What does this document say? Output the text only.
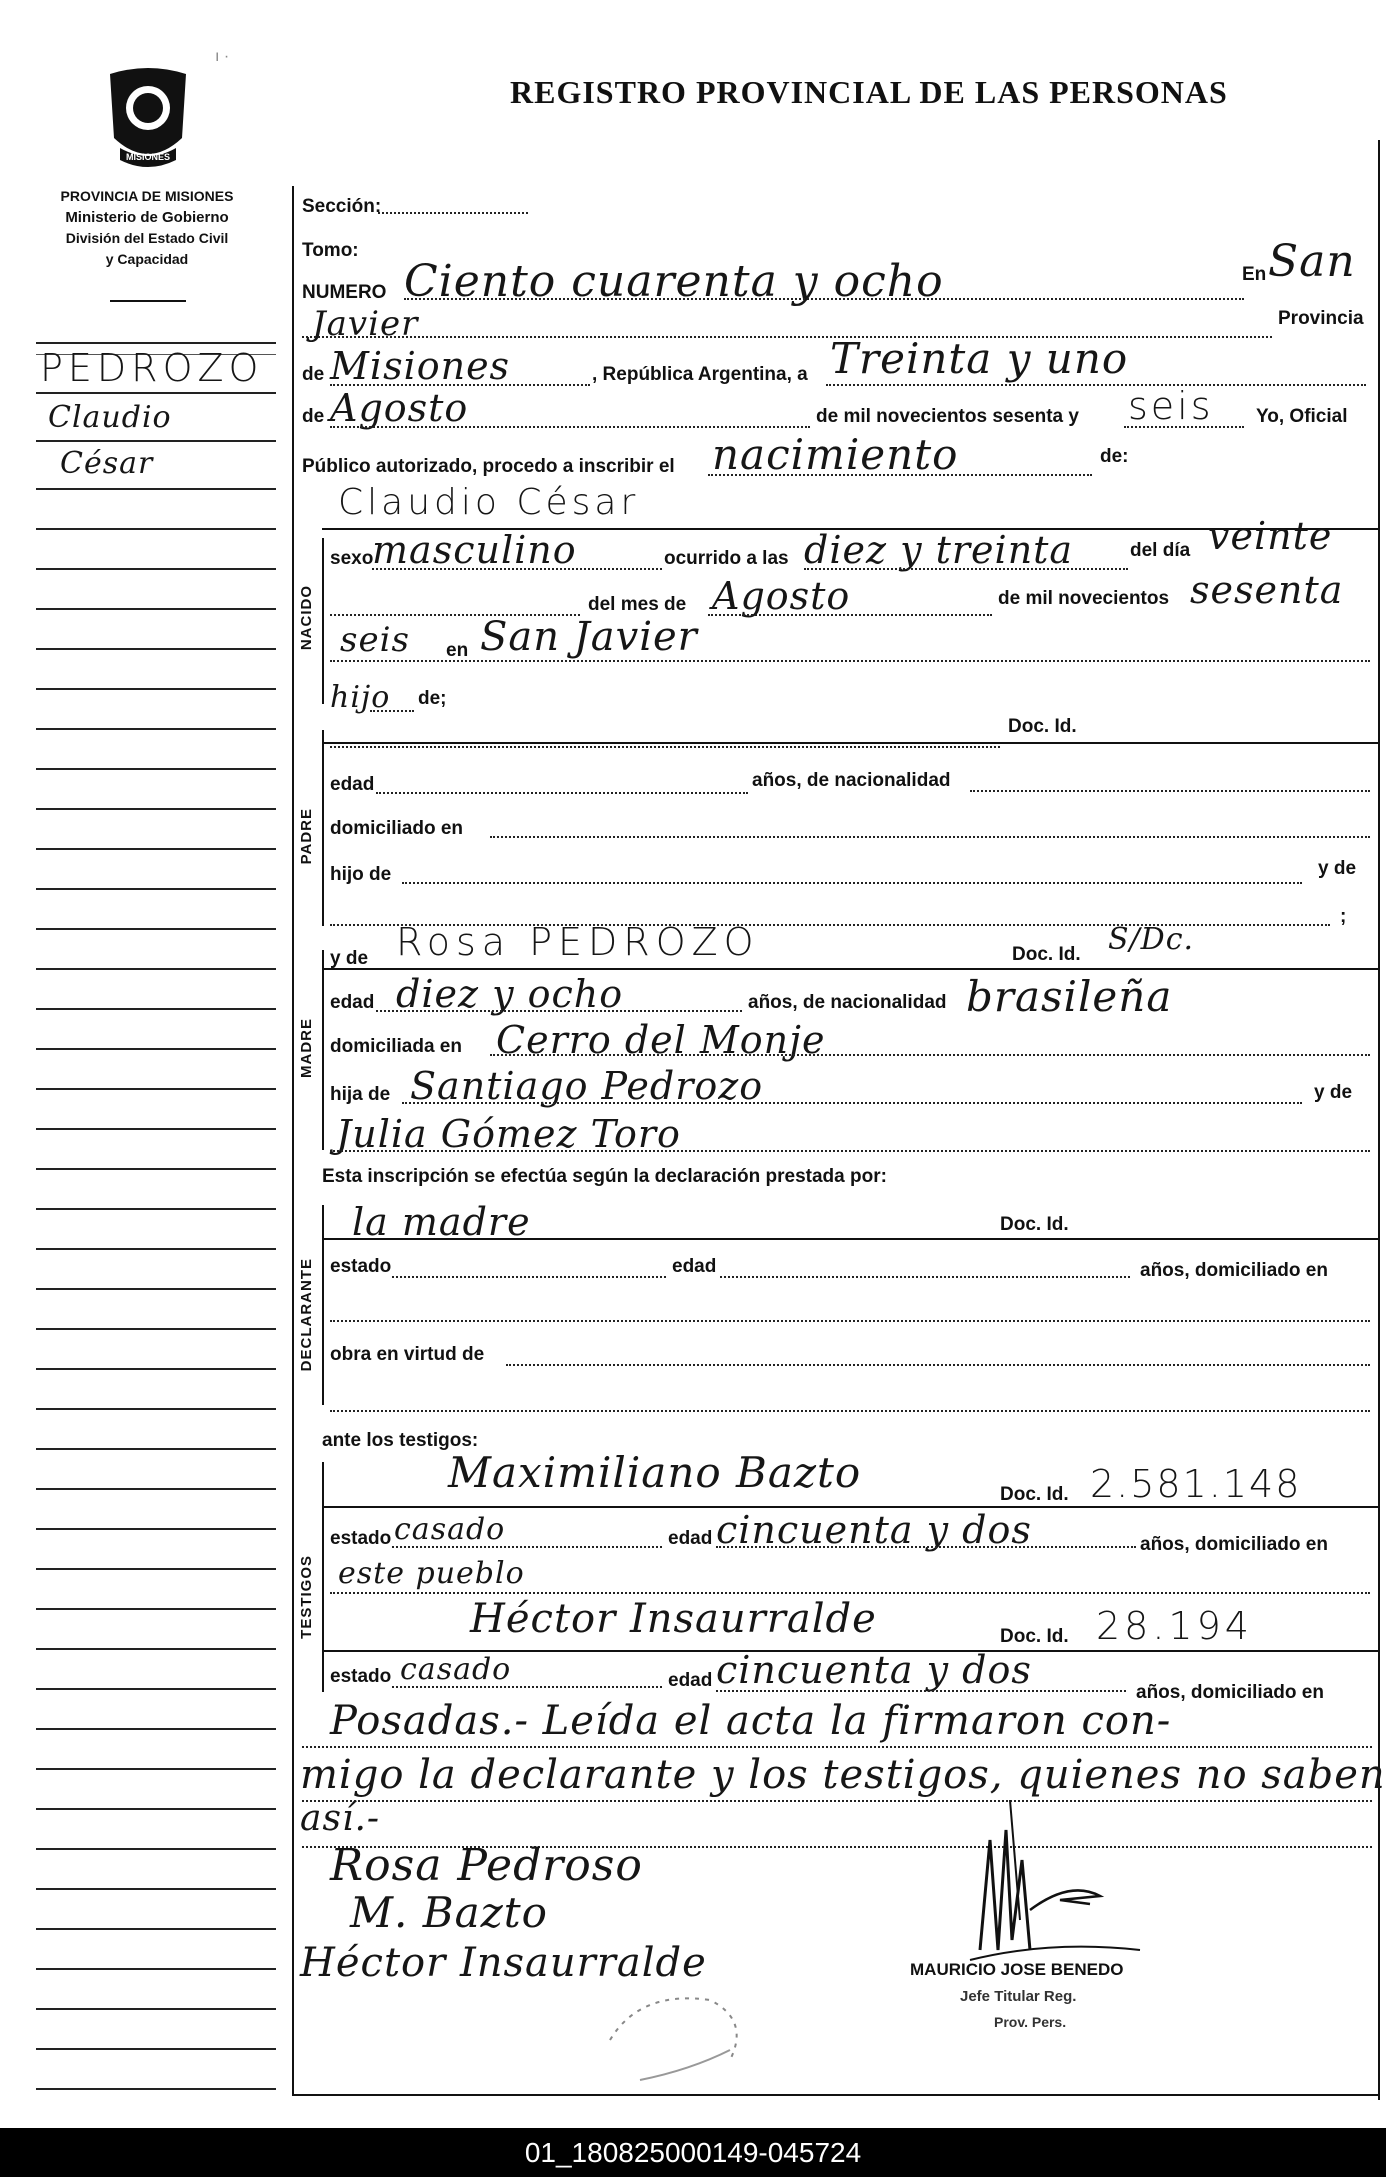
ı ·
MISIONES
PROVINCIA DE MISIONES
Ministerio de Gobierno
División del Estado Civil
y Capacidad
REGISTRO PROVINCIAL DE LAS PERSONAS
PEDROZO
Claudio
César
NACIDO
PADRE
MADRE
DECLARANTE
TESTIGOS
Sección:
Tomo:
NUMERO Ciento cuarenta y ocho	En San
Javier	Provincia
de Misiones	, República Argentina, a Treinta y uno
de Agosto	de mil novecientos sesenta y seis Yo, Oficial
Público autorizado, procedo a inscribir el nacimiento	de:
Claudio César
sexo
masculino	ocurrido a las diez y treinta	del día veinte
del mes de Agosto	de mil novecientos sesenta
seis en San Javier
hijo de;
Doc. Id.
edad	años, de nacionalidad
domiciliado en
hijo de	y de
;
y de Rosa PEDROZO	Doc. Id. S/Dc.
edad diez y ocho	años, de nacionalidad brasileña
domiciliada en Cerro del Monje
hija de Santiago Pedrozo	y de
Julia Gómez Toro
Esta inscripción se efectúa según la declaración prestada por:
la madre	Doc. Id.
estado	edad	años, domiciliado en
obra en virtud de
ante los testigos:
Maximiliano Bazto	Doc. Id. 2.581.148
estado casado	edad cincuenta y dos	años, domiciliado en
este pueblo
Héctor Insaurralde	Doc. Id. 28.194
estado casado	edad cincuenta y dos
años, domiciliado en
Posadas.- Leída el acta la firmaron con-
migo la declarante y los testigos, quienes no saben
así.-
Rosa Pedroso
M. Bazto
Héctor Insaurralde	MAURICIO JOSE BENEDO
Jefe Titular Reg.
Prov. Pers.
01_180825000149-045724
